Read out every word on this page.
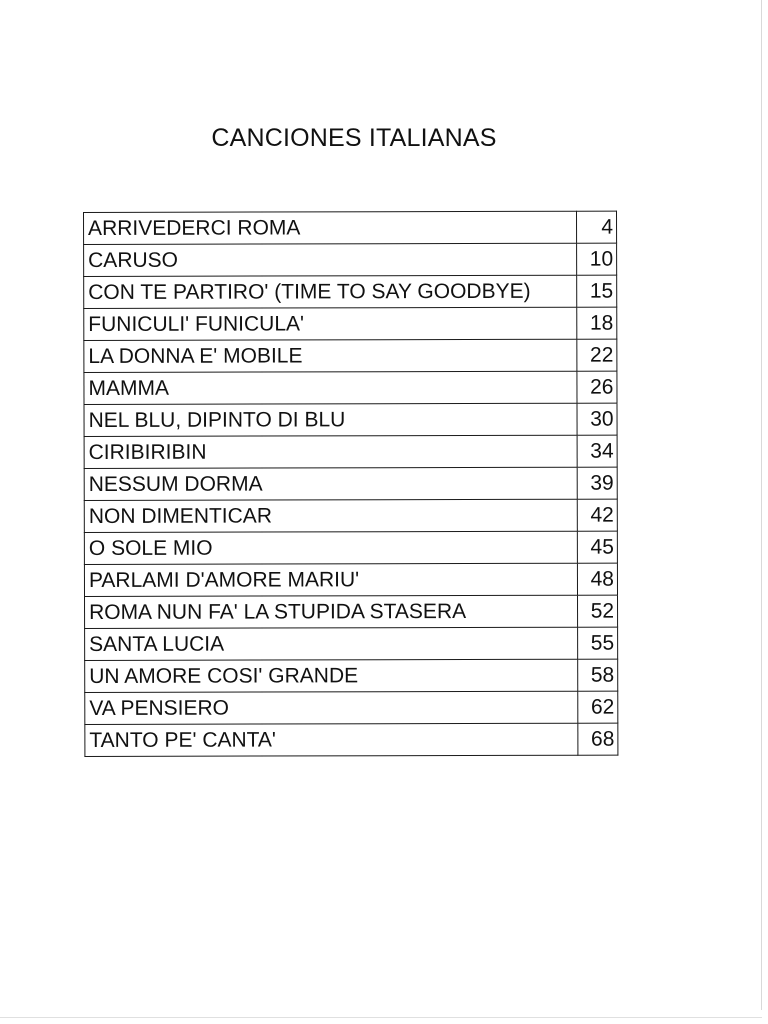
CANCIONES ITALIANAS
ARRIVEDERCI ROMA	4
CARUSO	10
CON TE PARTIRO' (TIME TO SAY GOODBYE)	15
FUNICULI' FUNICULA'	18
LA DONNA E' MOBILE	22
MAMMA	26
NEL BLU, DIPINTO DI BLU	30
CIRIBIRIBIN	34
NESSUM DORMA	39
NON DIMENTICAR	42
O SOLE MIO	45
PARLAMI D'AMORE MARIU'	48
ROMA NUN FA' LA STUPIDA STASERA	52
SANTA LUCIA	55
UN AMORE COSI' GRANDE	58
VA PENSIERO	62
TANTO PE' CANTA'	68
